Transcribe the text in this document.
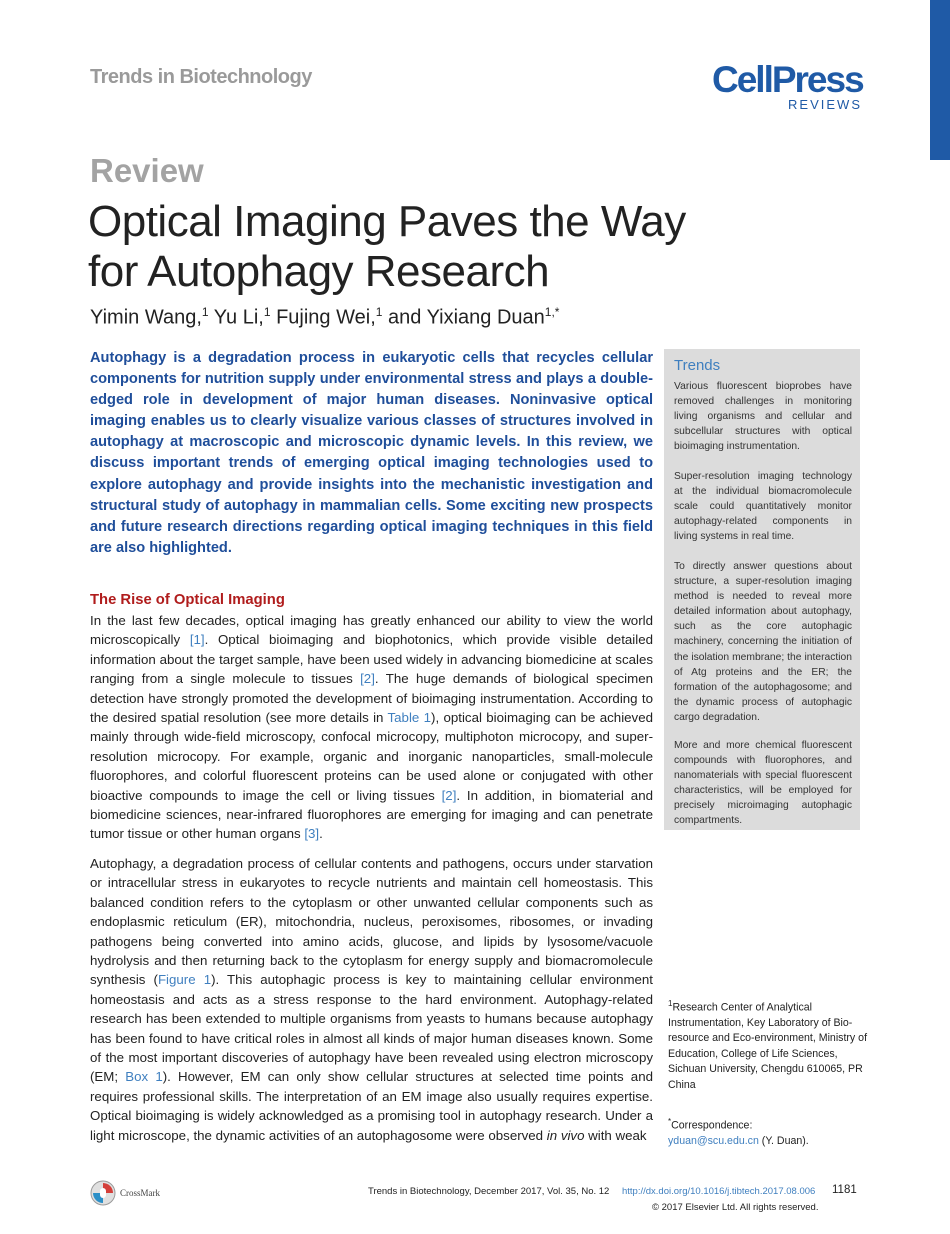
Trends in Biotechnology	CellPress
REVIEWS
Review
Optical Imaging Paves the Way for Autophagy Research
Yimin Wang,$^1$ Yu Li,$^1$ Fujing Wei,$^1$ and Yixiang Duan$^{1,*}$
Autophagy is a degradation process in eukaryotic cells that recycles cellular components for nutrition supply under environmental stress and plays a double-edged role in development of major human diseases. Noninvasive optical imaging enables us to clearly visualize various classes of structures involved in autophagy at macroscopic and microscopic dynamic levels. In this review, we discuss important trends of emerging optical imaging technologies used to explore autophagy and provide insights into the mechanistic investigation and structural study of autophagy in mammalian cells. Some exciting new prospects and future research directions regarding optical imaging techniques in this field are also highlighted.
The Rise of Optical Imaging
In the last few decades, optical imaging has greatly enhanced our ability to view the world microscopically [1]. Optical bioimaging and biophotonics, which provide visible detailed information about the target sample, have been used widely in advancing biomedicine at scales ranging from a single molecule to tissues [2]. The huge demands of biological specimen detection have strongly promoted the development of bioimaging instrumentation. According to the desired spatial resolution (see more details in Table 1), optical bioimaging can be achieved mainly through wide-field microscopy, confocal microcopy, multiphoton microcopy, and super-resolution microcopy. For example, organic and inorganic nanoparticles, small-molecule fluorophores, and colorful fluorescent proteins can be used alone or conjugated with other bioactive compounds to image the cell or living tissues [2]. In addition, in biomaterial and biomedicine sciences, near-infrared fluorophores are emerging for imaging and can penetrate tumor tissue or other human organs [3].
Autophagy, a degradation process of cellular contents and pathogens, occurs under starvation or intracellular stress in eukaryotes to recycle nutrients and maintain cell homeostasis. This balanced condition refers to the cytoplasm or other unwanted cellular components such as endoplasmic reticulum (ER), mitochondria, nucleus, peroxisomes, ribosomes, or invading pathogens being converted into amino acids, glucose, and lipids by lysosome/vacuole hydrolysis and then returning back to the cytoplasm for energy supply and biomacromolecule synthesis (Figure 1). This autophagic process is key to maintaining cellular environment homeostasis and acts as a stress response to the hard environment. Autophagy-related research has been extended to multiple organisms from yeasts to humans because autophagy has been found to have critical roles in almost all kinds of major human diseases known. Some of the most important discoveries of autophagy have been revealed using electron microscopy (EM; Box 1). However, EM can only show cellular structures at selected time points and requires professional skills. The interpretation of an EM image also usually requires expertise. Optical bioimaging is widely acknowledged as a promising tool in autophagy research. Under a light microscope, the dynamic activities of an autophagosome were observed in vivo with weak
Trends
Various fluorescent bioprobes have removed challenges in monitoring living organisms and cellular and subcellular structures with optical bioimaging instrumentation.
Super-resolution imaging technology at the individual biomacromolecule scale could quantitatively monitor autophagy-related components in living systems in real time.
To directly answer questions about structure, a super-resolution imaging method is needed to reveal more detailed information about autophagy, such as the core autophagic machinery, concerning the initiation of the isolation membrane; the interaction of Atg proteins and the ER; the formation of the autophagosome; and the dynamic process of autophagic cargo degradation.
More and more chemical fluorescent compounds with fluorophores, and nanomaterials with special fluorescent characteristics, will be employed for precisely microimaging autophagic compartments.
$^1$Research Center of Analytical Instrumentation, Key Laboratory of Bio-resource and Eco-environment, Ministry of Education, College of Life Sciences, Sichuan University, Chengdu 610065, PR China
*Correspondence:
yduan@scu.edu.cn (Y. Duan).
CrossMark	Trends in Biotechnology, December 2017, Vol. 35, No. 12 http://dx.doi.org/10.1016/j.tibtech.2017.08.006 1181
© 2017 Elsevier Ltd. All rights reserved.
